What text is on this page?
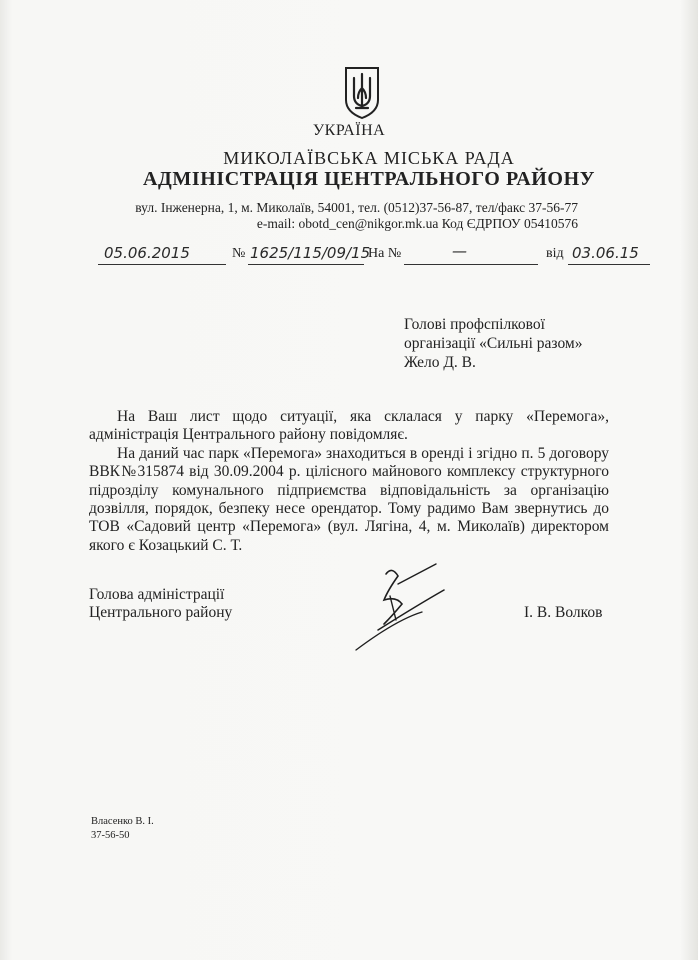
УКРАЇНА
МИКОЛАЇВСЬКА МІСЬКА РАДА
АДМІНІСТРАЦІЯ ЦЕНТРАЛЬНОГО РАЙОНУ
вул. Інженерна, 1, м. Миколаїв, 54001, тел. (0512)37-56-87, тел/факс 37-56-77
e-mail: obotd_cen@nikgor.mk.ua Код ЄДРПОУ 05410576
05.06.2015	№ 1625/115/09/15
На №	—	від 03.06.15
Голові профспілкової
організації «Сильні разом»
Жело Д. В.

На Ваш лист щодо ситуації, яка склалася у парку «Перемога», адміністрація Центрального району повідомляє.

На даний час парк «Перемога» знаходиться в оренді і згідно п. 5 договору ВВК№315874 від 30.09.2004 р. цілісного майнового комплексу структурного підрозділу комунального підприємства відповідальність за організацію дозвілля, порядок, безпеку несе орендатор. Тому радимо Вам звернутись до ТОВ «Садовий центр «Перемога» (вул. Лягіна, 4, м. Миколаїв) директором якого є Козацький С. Т.

Голова адміністрації
Центрального району	І. В. Волков
Власенко В. І.
37-56-50
